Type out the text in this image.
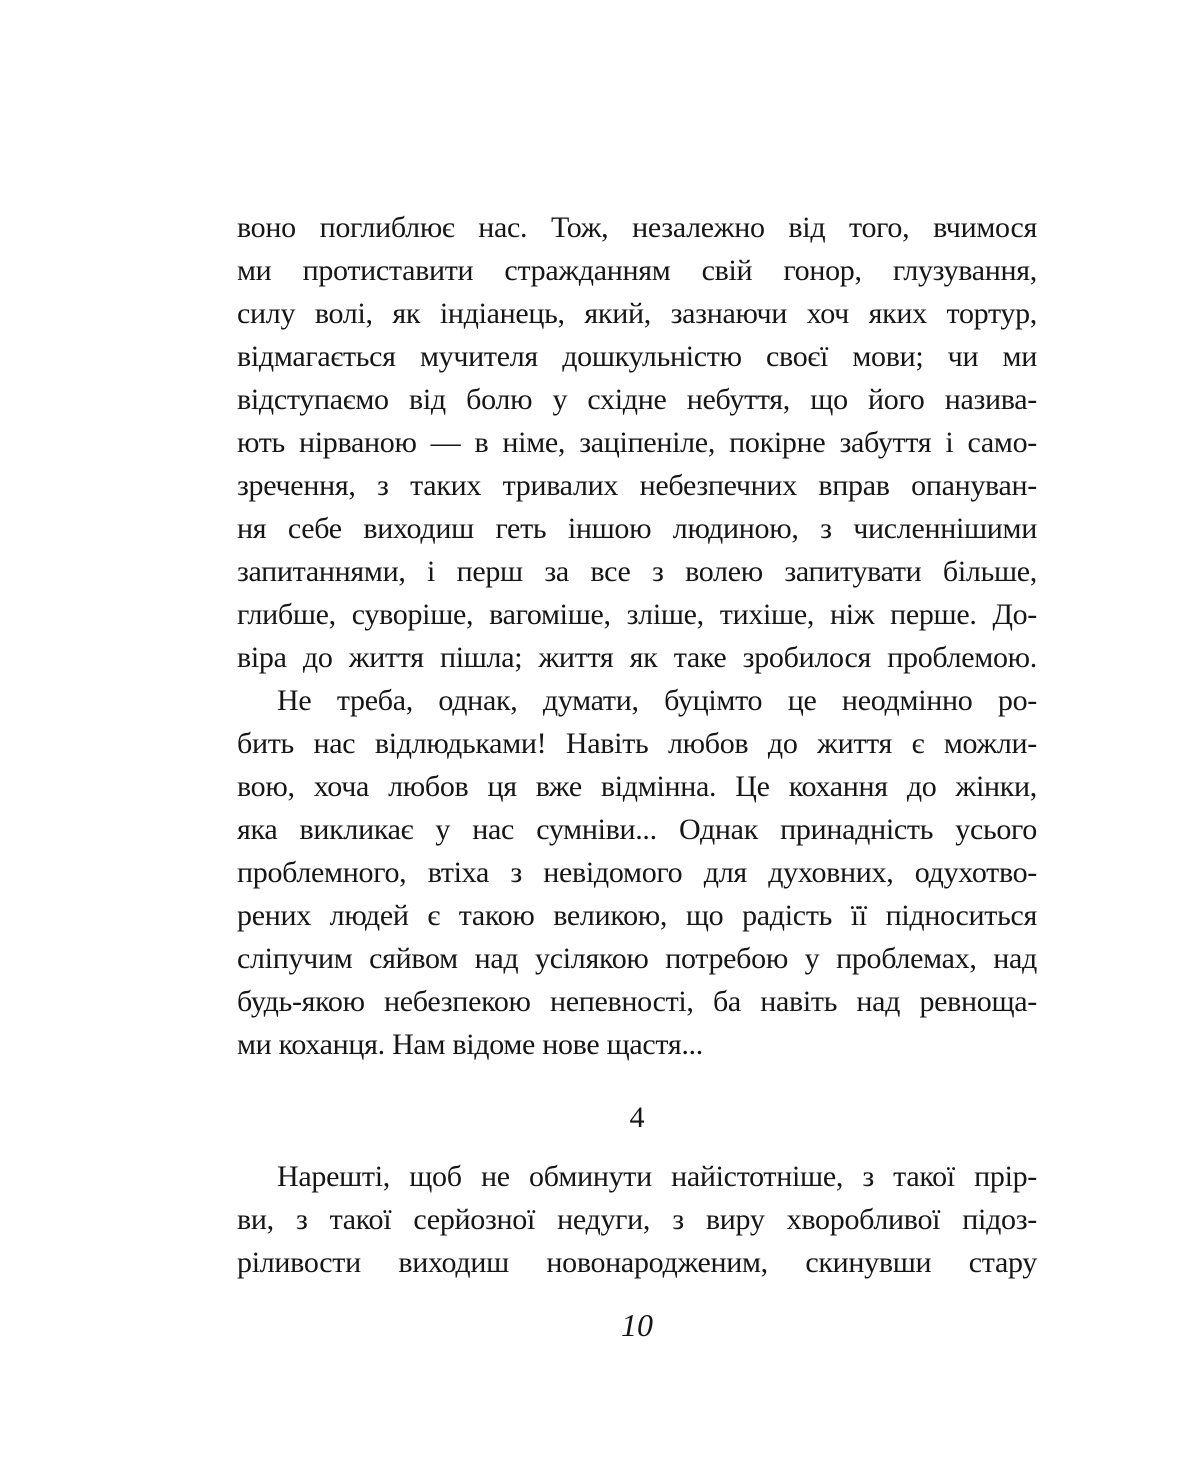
воно поглиблює нас. Тож, незалежно від того, вчимося
ми протиставити стражданням свій гонор, глузування,
силу волі, як індіанець, який, зазнаючи хоч яких тортур,
відмагається мучителя дошкульністю своєї мови; чи ми
відступаємо від болю у східне небуття, що його назива-
ють нірваною — в німе, заціпеніле, покірне забуття і само-
зречення, з таких тривалих небезпечних вправ опануван-
ня себе виходиш геть іншою людиною, з численнішими
запитаннями, і перш за все з волею запитувати більше,
глибше, суворіше, вагоміше, зліше, тихіше, ніж перше. До-
віра до життя пішла; життя як таке зробилося проблемою.
Не треба, однак, думати, буцімто це неодмінно ро-
бить нас відлюдьками! Навіть любов до життя є можли-
вою, хоча любов ця вже відмінна. Це кохання до жінки,
яка викликає у нас сумніви... Однак принадність усього
проблемного, втіха з невідомого для духовних, одухотво-
рених людей є такою великою, що радість її підноситься
сліпучим сяйвом над усілякою потребою у проблемах, над
будь-якою небезпекою непевності, ба навіть над ревноща-
ми коханця. Нам відоме нове щастя...
4
Нарешті, щоб не обминути найістотніше, з такої прір-
ви, з такої серйозної недуги, з виру хворобливої підоз-
ріливости виходиш новонародженим, скинувши стару
10
